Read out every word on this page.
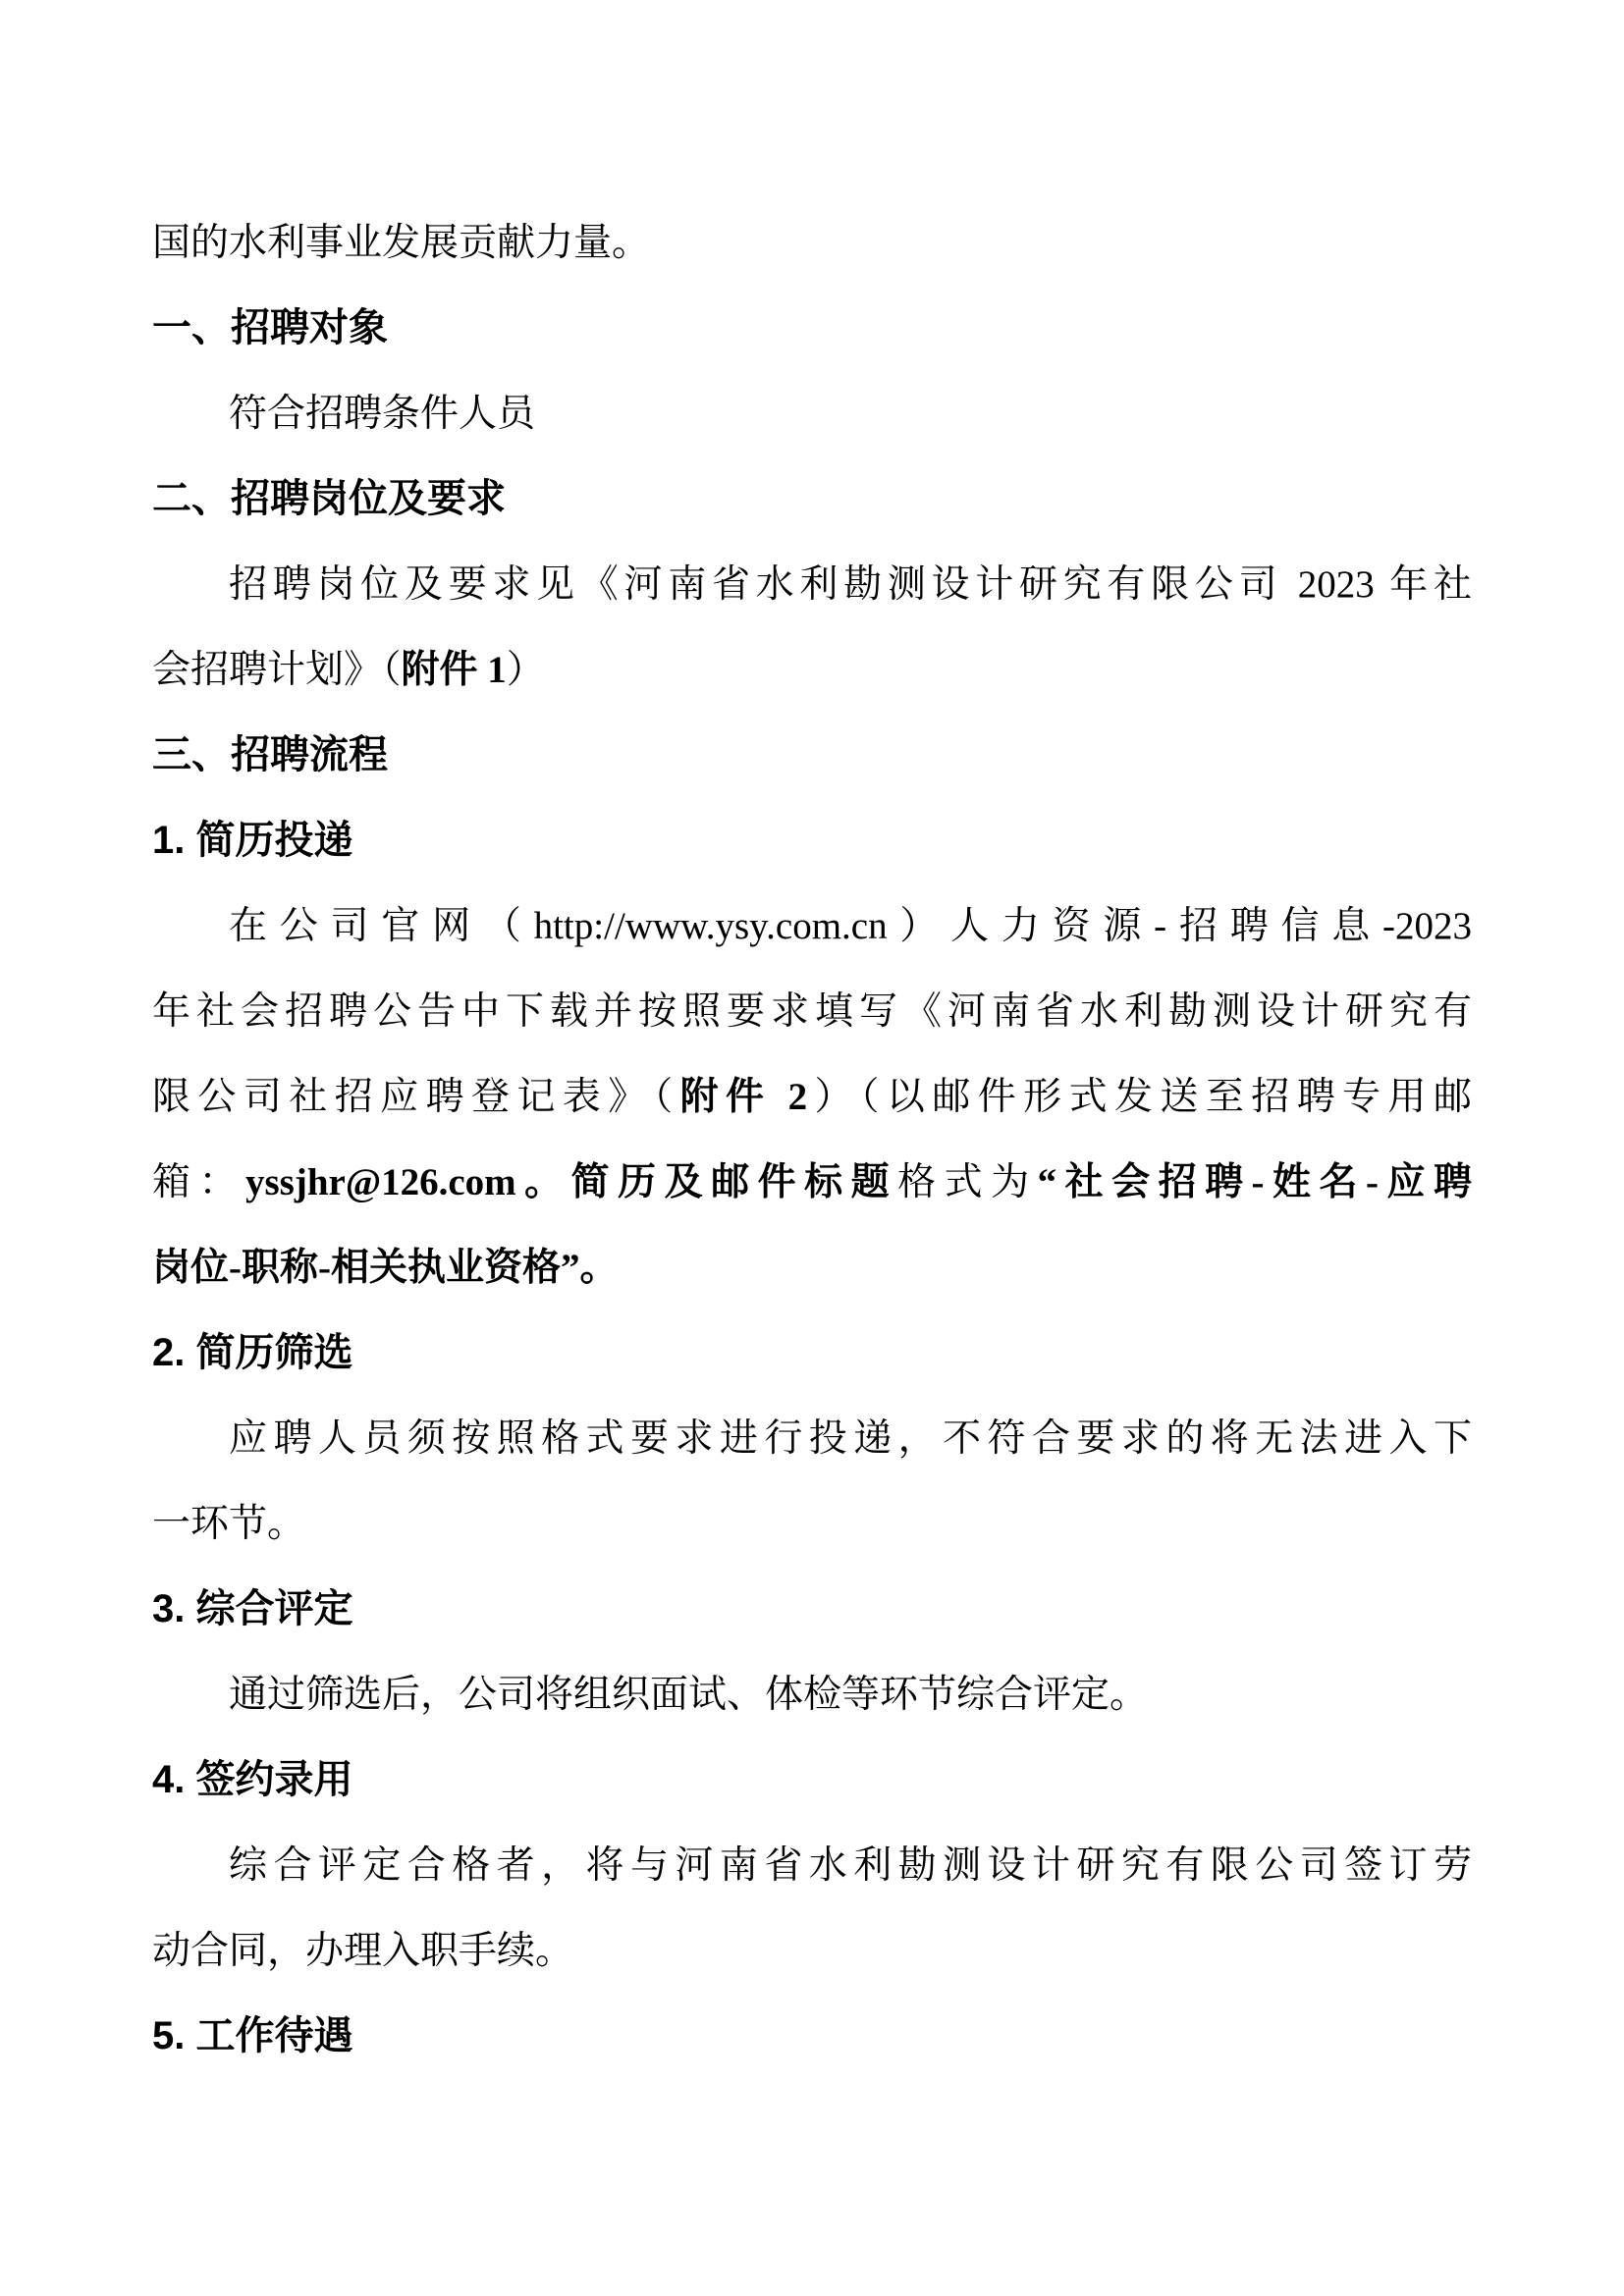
国的水利事业发展贡献力量。
一、招聘对象
符合招聘条件人员
二、招聘岗位及要求
招聘岗位及要求见《河南省水利勘测设计研究有限公司 2023 年社
会招聘计划》（附件 1）
三、招聘流程
1. 简历投递
在公司官网（http://www.ysy.com.cn）人力资源-招聘信息-2023
年社会招聘公告中下载并按照要求填写《河南省水利勘测设计研究有
限公司社招应聘登记表》（附件 2）（以邮件形式发送至招聘专用邮
箱：yssjhr@126.com。简历及邮件标题格式为“社会招聘-姓名-应聘
岗位-职称-相关执业资格”。
2. 简历筛选
应聘人员须按照格式要求进行投递，不符合要求的将无法进入下
一环节。
3. 综合评定
通过筛选后，公司将组织面试、体检等环节综合评定。
4. 签约录用
综合评定合格者，将与河南省水利勘测设计研究有限公司签订劳
动合同，办理入职手续。
5. 工作待遇
